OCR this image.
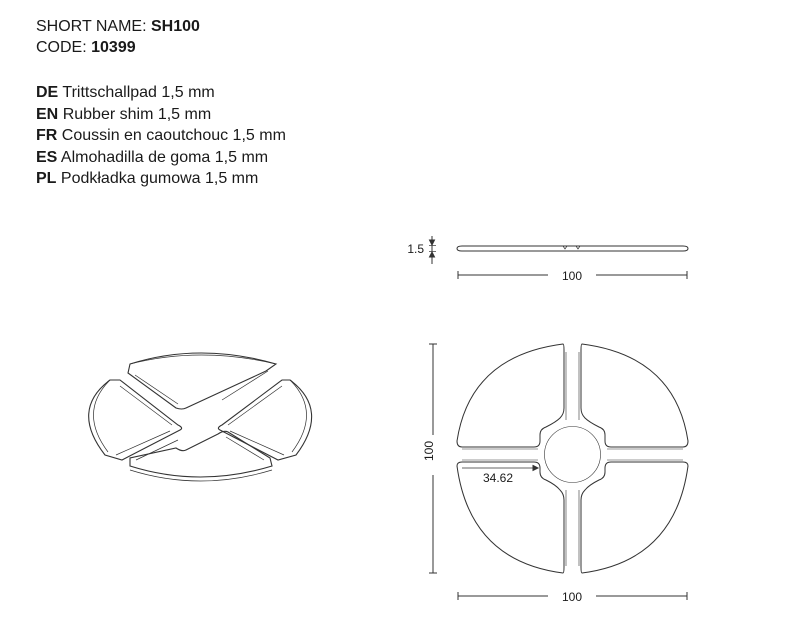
SHORT NAME: SH100
CODE: 10399
DE Trittschallpad 1,5 mm
EN Rubber shim 1,5 mm
FR Coussin en caoutchouc 1,5 mm
ES Almohadilla de goma 1,5 mm
PL Podkładka gumowa 1,5 mm
1.5
100
34.62
100
100
